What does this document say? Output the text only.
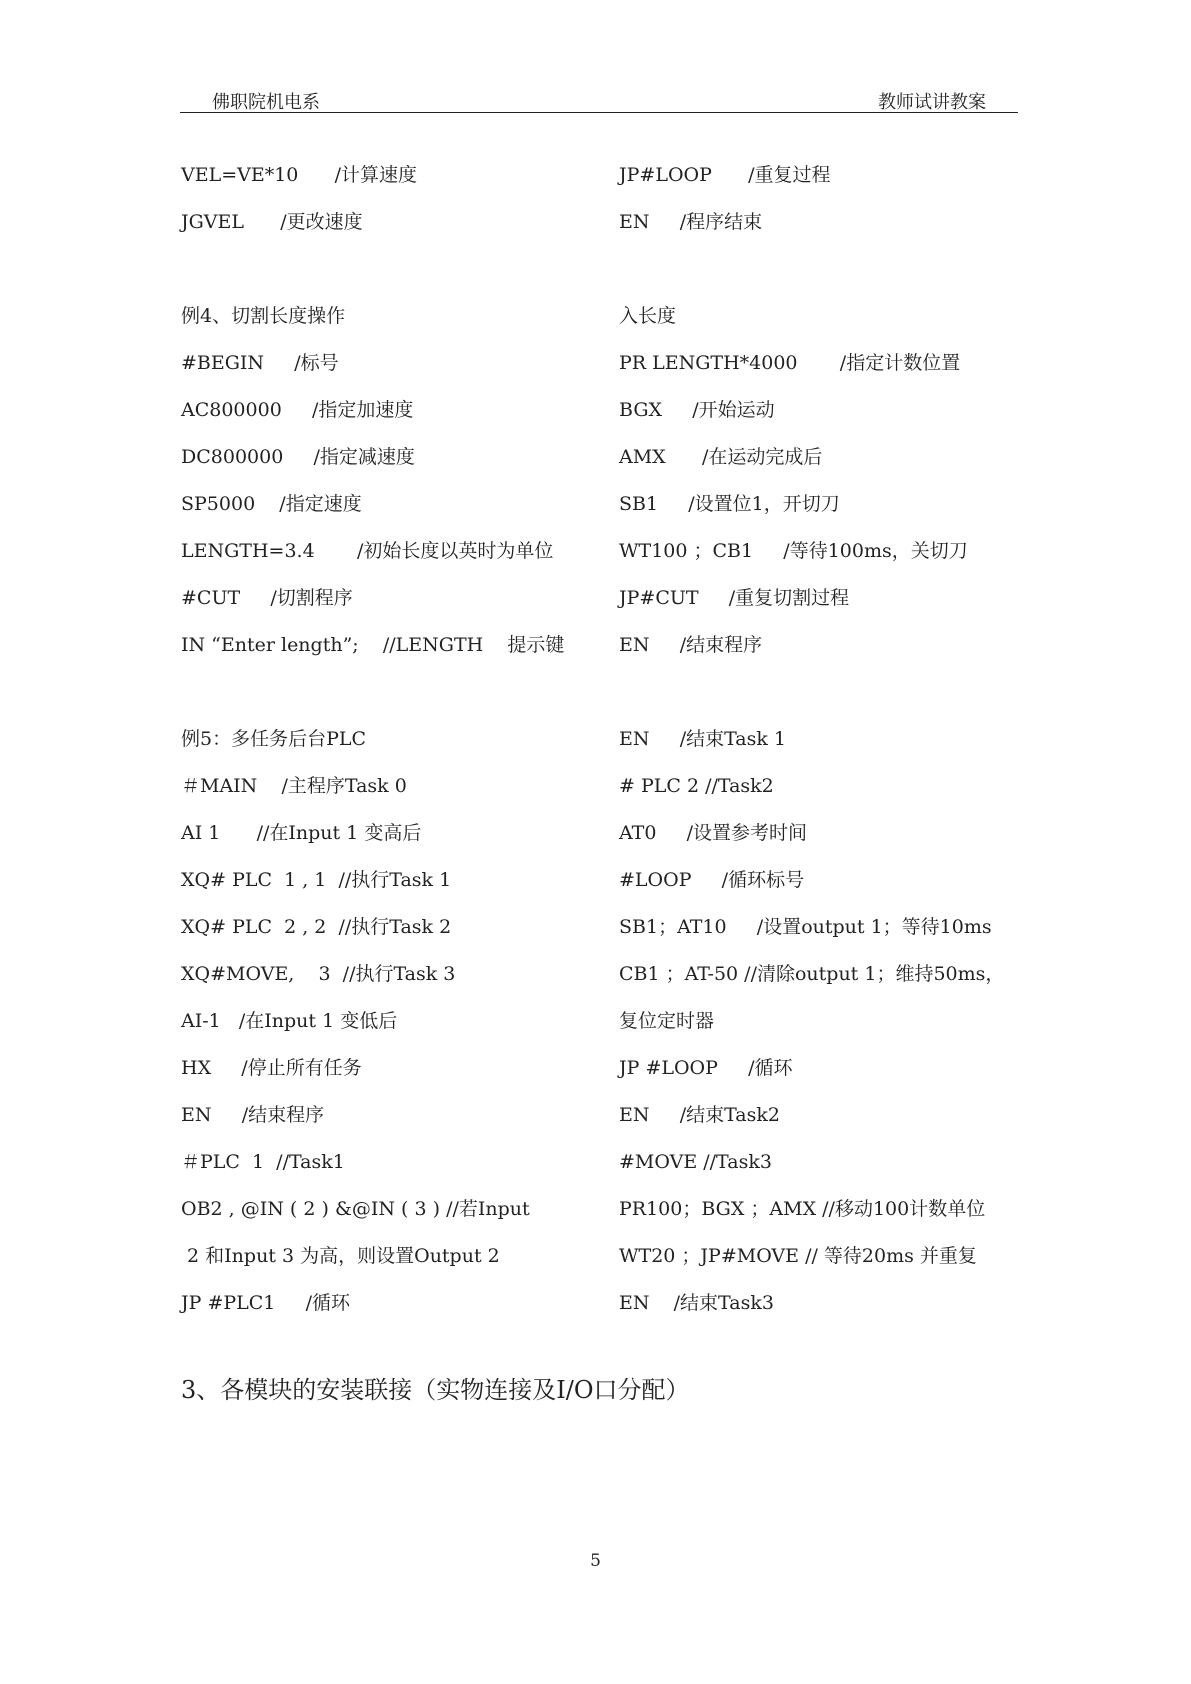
佛职院机电系	教师试讲教案
VEL=VE*10      /计算速度
JGVEL      /更改速度
例4、切割长度操作
#BEGIN     /标号
AC800000     /指定加速度
DC800000     /指定减速度
SP5000    /指定速度
LENGTH=3.4       /初始长度以英时为单位
#CUT     /切割程序
IN “Enter length”;    //LENGTH    提示键
例5：多任务后台PLC
＃MAIN    /主程序Task 0
AI 1      //在Input 1 变高后
XQ# PLC  1 , 1  //执行Task 1
XQ# PLC  2 , 2  //执行Task 2
XQ#MOVE,    3  //执行Task 3
AI-1   /在Input 1 变低后
HX     /停止所有任务
EN     /结束程序
＃PLC  1  //Task1
OB2 , @IN ( 2 ) &@IN ( 3 ) //若Input
2 和Input 3 为高，则设置Output 2
JP #PLC1     /循环
JP#LOOP      /重复过程
EN     /程序结束
入长度
PR LENGTH*4000       /指定计数位置
BGX     /开始运动
AMX      /在运动完成后
SB1     /设置位1，开切刀
WT100 ；CB1     /等待100ms，关切刀
JP#CUT     /重复切割过程
EN     /结束程序
EN     /结束Task 1
# PLC 2 //Task2
AT0     /设置参考时间
#LOOP     /循环标号
SB1；AT10     /设置output 1；等待10ms
CB1 ；AT-50 //清除output 1；维持50ms，
复位定时器
JP #LOOP     /循环
EN     /结束Task2
#MOVE //Task3
PR100；BGX ；AMX //移动100计数单位
WT20 ；JP#MOVE // 等待20ms 并重复
EN    /结束Task3
3、各模块的安装联接（实物连接及I/O口分配）
5
